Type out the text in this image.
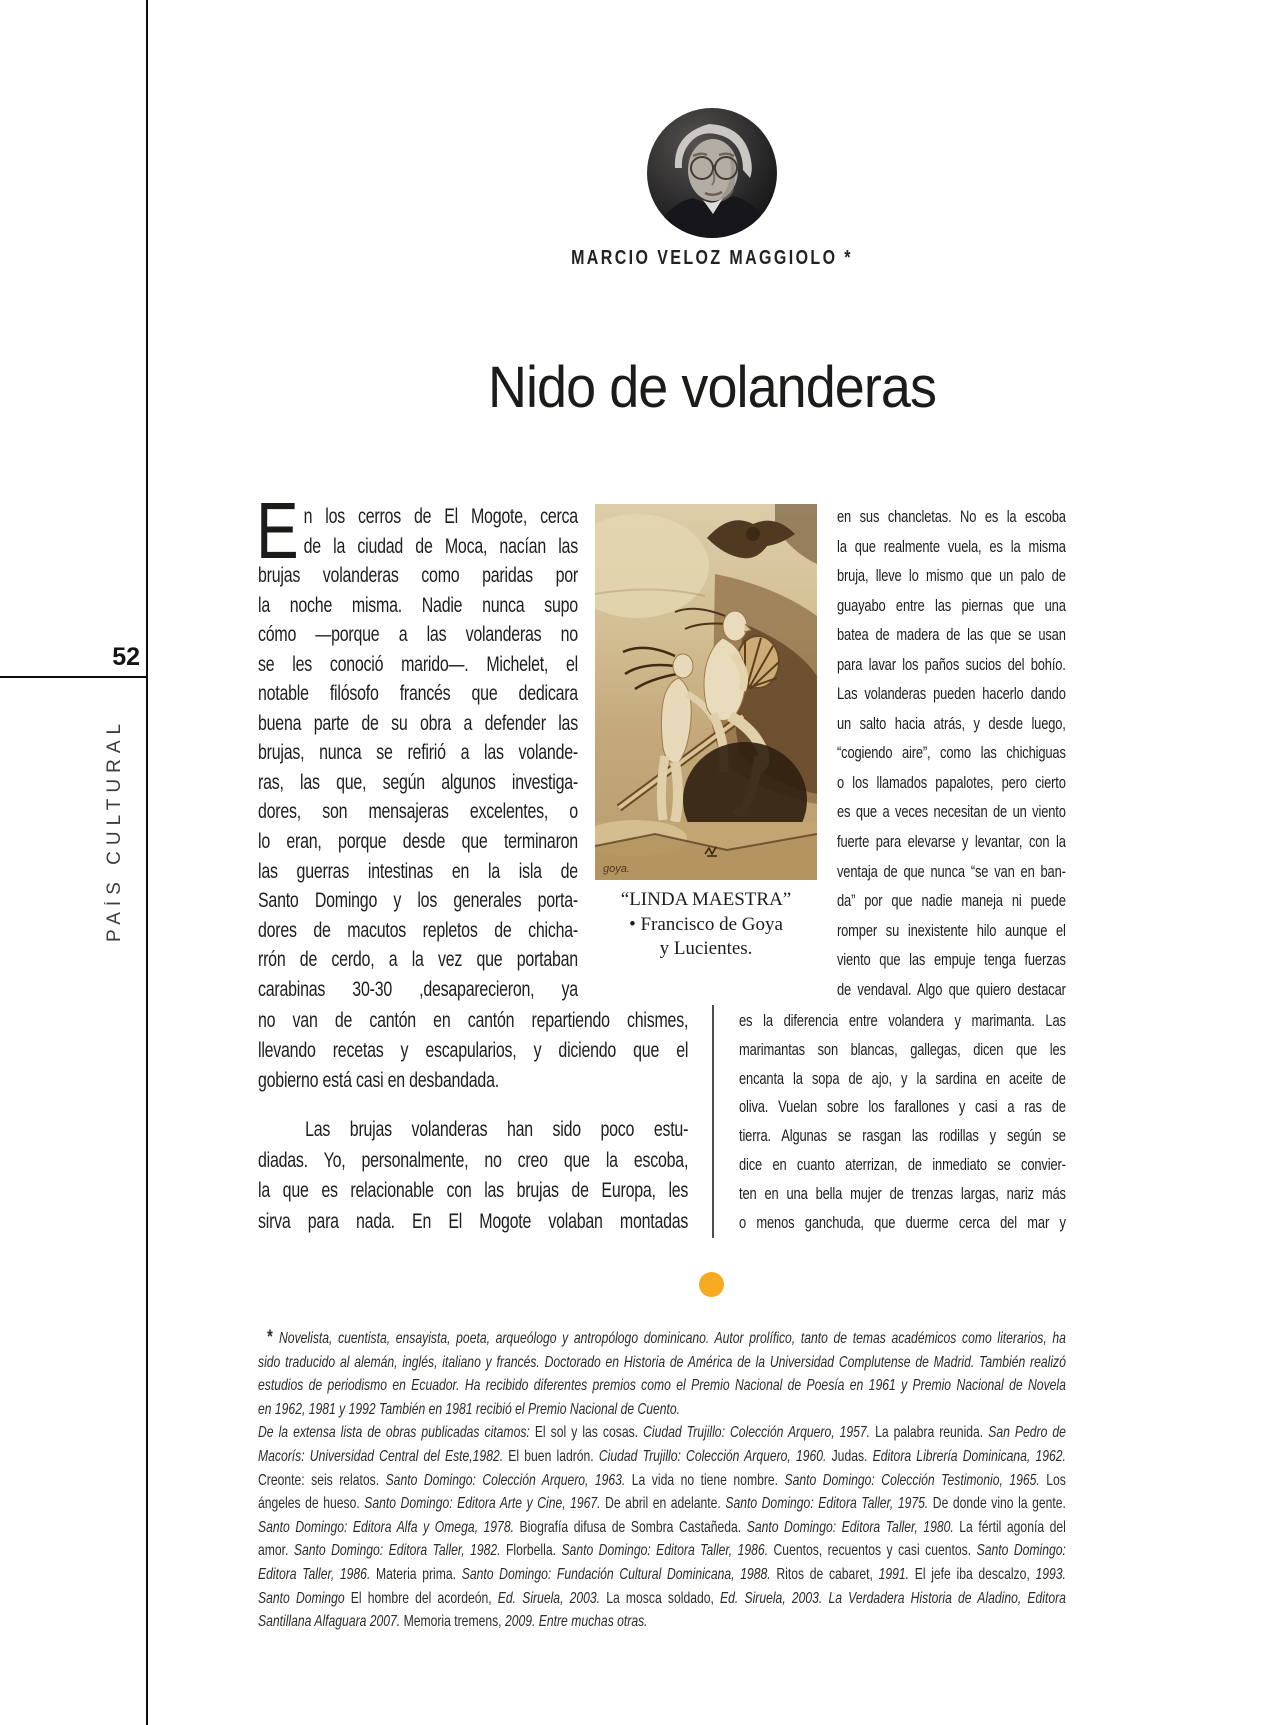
52
PAÍS CULTURAL
MARCIO VELOZ MAGGIOLO *
Nido de volanderas
E n los cerros de El Mogote, cerca
de la ciudad de Moca, nacían las
brujas volanderas como paridas por
la noche misma. Nadie nunca supo
cómo —porque a las volanderas no
se les conoció marido—. Michelet, el
notable filósofo francés que dedicara
buena parte de su obra a defender las
brujas, nunca se refirió a las volande-
ras, las que, según algunos investiga-
dores, son mensajeras excelentes, o
lo eran, porque desde que terminaron
las guerras intestinas en la isla de
Santo Domingo y los generales porta-
dores de macutos repletos de chicha-
rrón de cerdo, a la vez que portaban
carabinas 30-30 ,desaparecieron, ya
no van de cantón en cantón repartiendo chismes,
llevando recetas y escapularios, y diciendo que el
gobierno está casi en desbandada.
Las brujas volanderas han sido poco estu-
diadas. Yo, personalmente, no creo que la escoba,
la que es relacionable con las brujas de Europa, les
sirva para nada. En El Mogote volaban montadas
en sus chancletas. No es la escoba
la que realmente vuela, es la misma
bruja, lleve lo mismo que un palo de
guayabo entre las piernas que una
batea de madera de las que se usan
para lavar los paños sucios del bohío.
Las volanderas pueden hacerlo dando
un salto hacia atrás, y desde luego,
“cogiendo aire”, como las chichiguas
o los llamados papalotes, pero cierto
es que a veces necesitan de un viento
fuerte para elevarse y levantar, con la
ventaja de que nunca “se van en ban-
da” por que nadie maneja ni puede
romper su inexistente hilo aunque el
viento que las empuje tenga fuerzas
de vendaval. Algo que quiero destacar
es la diferencia entre volandera y marimanta. Las
marimantas son blancas, gallegas, dicen que les
encanta la sopa de ajo, y la sardina en aceite de
oliva. Vuelan sobre los farallones y casi a ras de
tierra. Algunas se rasgan las rodillas y según se
dice en cuanto aterrizan, de inmediato se convier-
ten en una bella mujer de trenzas largas, nariz más
o menos ganchuda, que duerme cerca del mar y
goya.
“LINDA MAESTRA”
• Francisco de Goya
y Lucientes.
* Novelista, cuentista, ensayista, poeta, arqueólogo y antropólogo dominicano. Autor prolífico, tanto de temas académicos como literarios, ha
sido traducido al alemán, inglés, italiano y francés. Doctorado en Historia de América de la Universidad Complutense de Madrid. También realizó
estudios de periodismo en Ecuador. Ha recibido diferentes premios como el Premio Nacional de Poesía en 1961 y Premio Nacional de Novela
en 1962, 1981 y 1992 También en 1981 recibió el Premio Nacional de Cuento.
De la extensa lista de obras publicadas citamos: El sol y las cosas. Ciudad Trujillo: Colección Arquero, 1957. La palabra reunida. San Pedro de
Macorís: Universidad Central del Este,1982. El buen ladrón. Ciudad Trujillo: Colección Arquero, 1960. Judas. Editora Librería Dominicana, 1962.
Creonte: seis relatos. Santo Domingo: Colección Arquero, 1963. La vida no tiene nombre. Santo Domingo: Colección Testimonio, 1965. Los
ángeles de hueso. Santo Domingo: Editora Arte y Cine, 1967. De abril en adelante. Santo Domingo: Editora Taller, 1975. De donde vino la gente.
Santo Domingo: Editora Alfa y Omega, 1978. Biografía difusa de Sombra Castañeda. Santo Domingo: Editora Taller, 1980. La fértil agonía del
amor. Santo Domingo: Editora Taller, 1982. Florbella. Santo Domingo: Editora Taller, 1986. Cuentos, recuentos y casi cuentos. Santo Domingo:
Editora Taller, 1986. Materia prima. Santo Domingo: Fundación Cultural Dominicana, 1988. Ritos de cabaret, 1991. El jefe iba descalzo, 1993.
Santo Domingo El hombre del acordeón, Ed. Siruela, 2003. La mosca soldado, Ed. Siruela, 2003. La Verdadera Historia de Aladino, Editora
Santillana Alfaguara 2007. Memoria tremens, 2009. Entre muchas otras.
